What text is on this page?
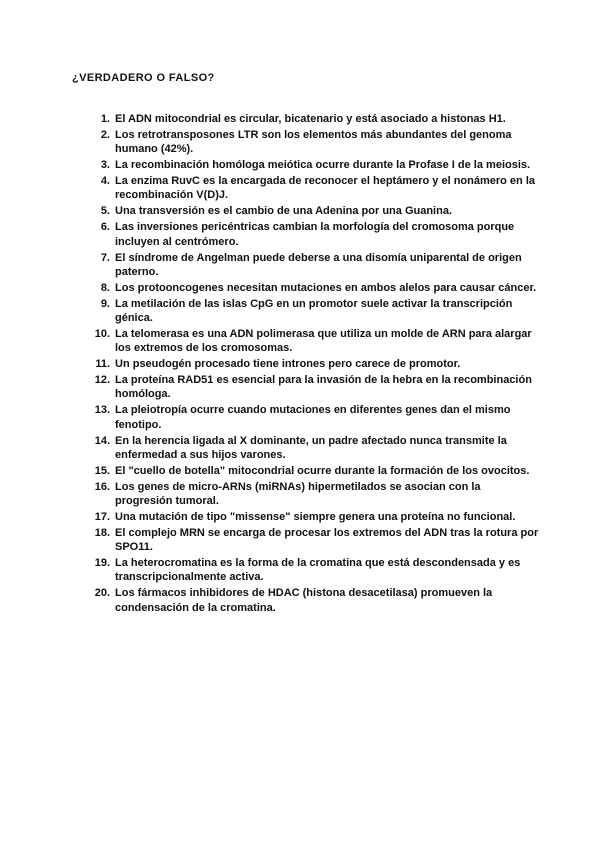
¿VERDADERO O FALSO?
1. El ADN mitocondrial es circular, bicatenario y está asociado a histonas H1.
2. Los retrotransposones LTR son los elementos más abundantes del genoma humano (42%).
3. La recombinación homóloga meiótica ocurre durante la Profase I de la meiosis.
4. La enzima RuvC es la encargada de reconocer el heptámero y el nonámero en la recombinación V(D)J.
5. Una transversión es el cambio de una Adenina por una Guanina.
6. Las inversiones pericéntricas cambian la morfología del cromosoma porque incluyen al centrómero.
7. El síndrome de Angelman puede deberse a una disomía uniparental de origen paterno.
8. Los protooncogenes necesitan mutaciones en ambos alelos para causar cáncer.
9. La metilación de las islas CpG en un promotor suele activar la transcripción génica.
10. La telomerasa es una ADN polimerasa que utiliza un molde de ARN para alargar los extremos de los cromosomas.
11. Un pseudogén procesado tiene intrones pero carece de promotor.
12. La proteína RAD51 es esencial para la invasión de la hebra en la recombinación homóloga.
13. La pleiotropía ocurre cuando mutaciones en diferentes genes dan el mismo fenotipo.
14. En la herencia ligada al X dominante, un padre afectado nunca transmite la enfermedad a sus hijos varones.
15. El "cuello de botella" mitocondrial ocurre durante la formación de los ovocitos.
16. Los genes de micro-ARNs (miRNAs) hipermetilados se asocian con la progresión tumoral.
17. Una mutación de tipo "missense" siempre genera una proteína no funcional.
18. El complejo MRN se encarga de procesar los extremos del ADN tras la rotura por SPO11.
19. La heterocromatina es la forma de la cromatina que está descondensada y es transcripcionalmente activa.
20. Los fármacos inhibidores de HDAC (histona desacetilasa) promueven la condensación de la cromatina.
